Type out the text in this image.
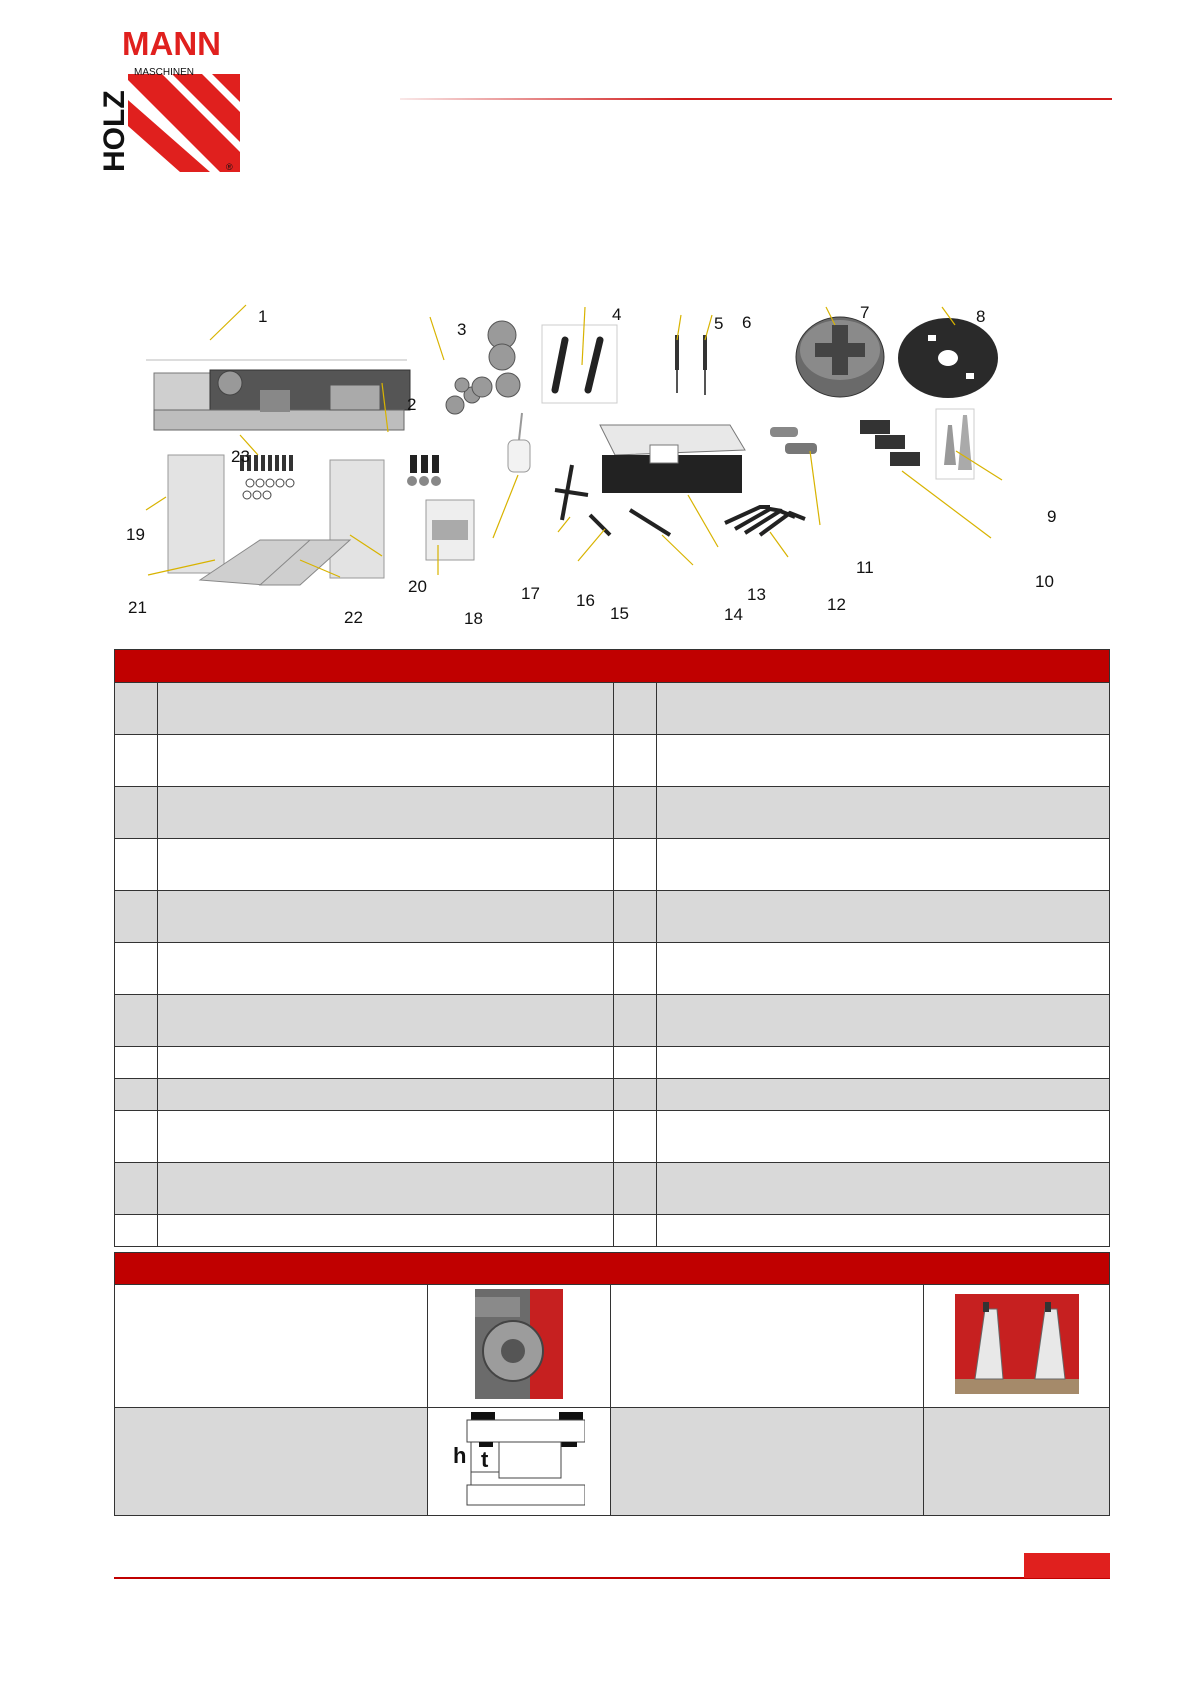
MANN
MASCHINEN
HOLZ	®
1
2
3
4	5 6
7	8
9
10
11
12
13
14
15
16
17
18
19
20
21
22
23

h t		
